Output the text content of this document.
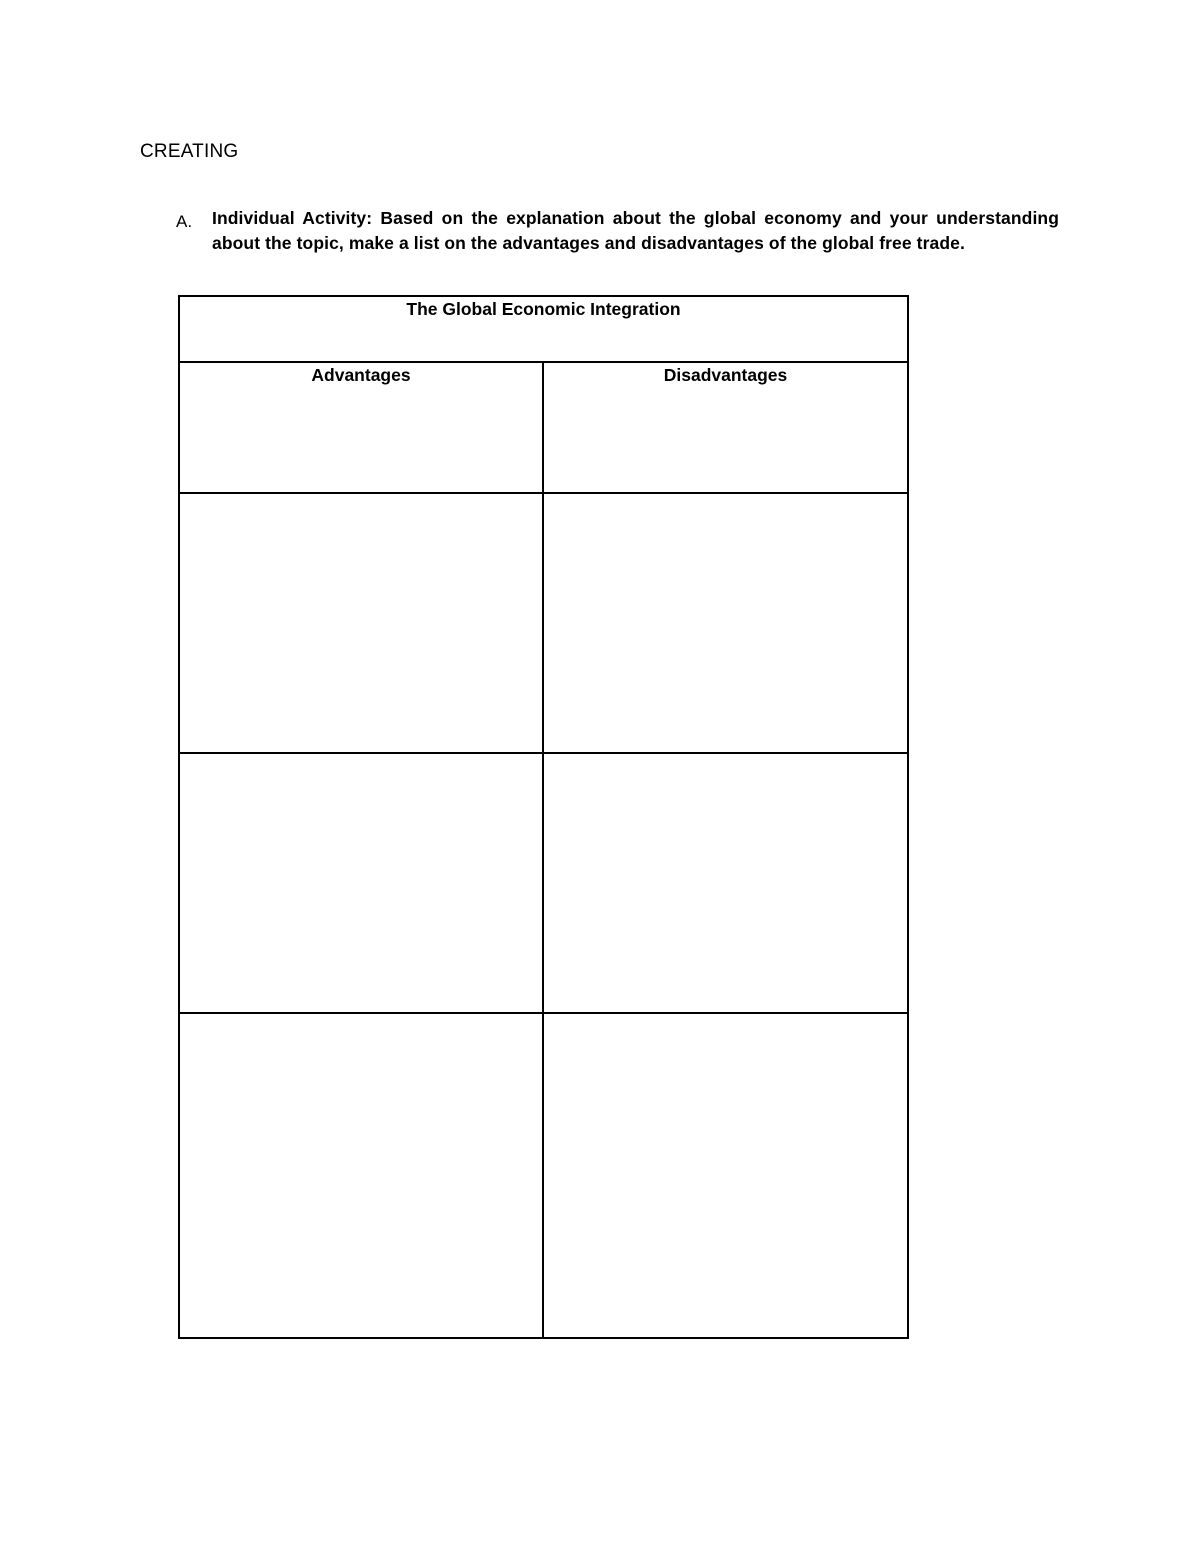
CREATING
A. Individual Activity: Based on the explanation about the global economy and your understanding about the topic, make a list on the advantages and disadvantages of the global free trade.
The Global Economic Integration	
Advantages	Disadvantages
